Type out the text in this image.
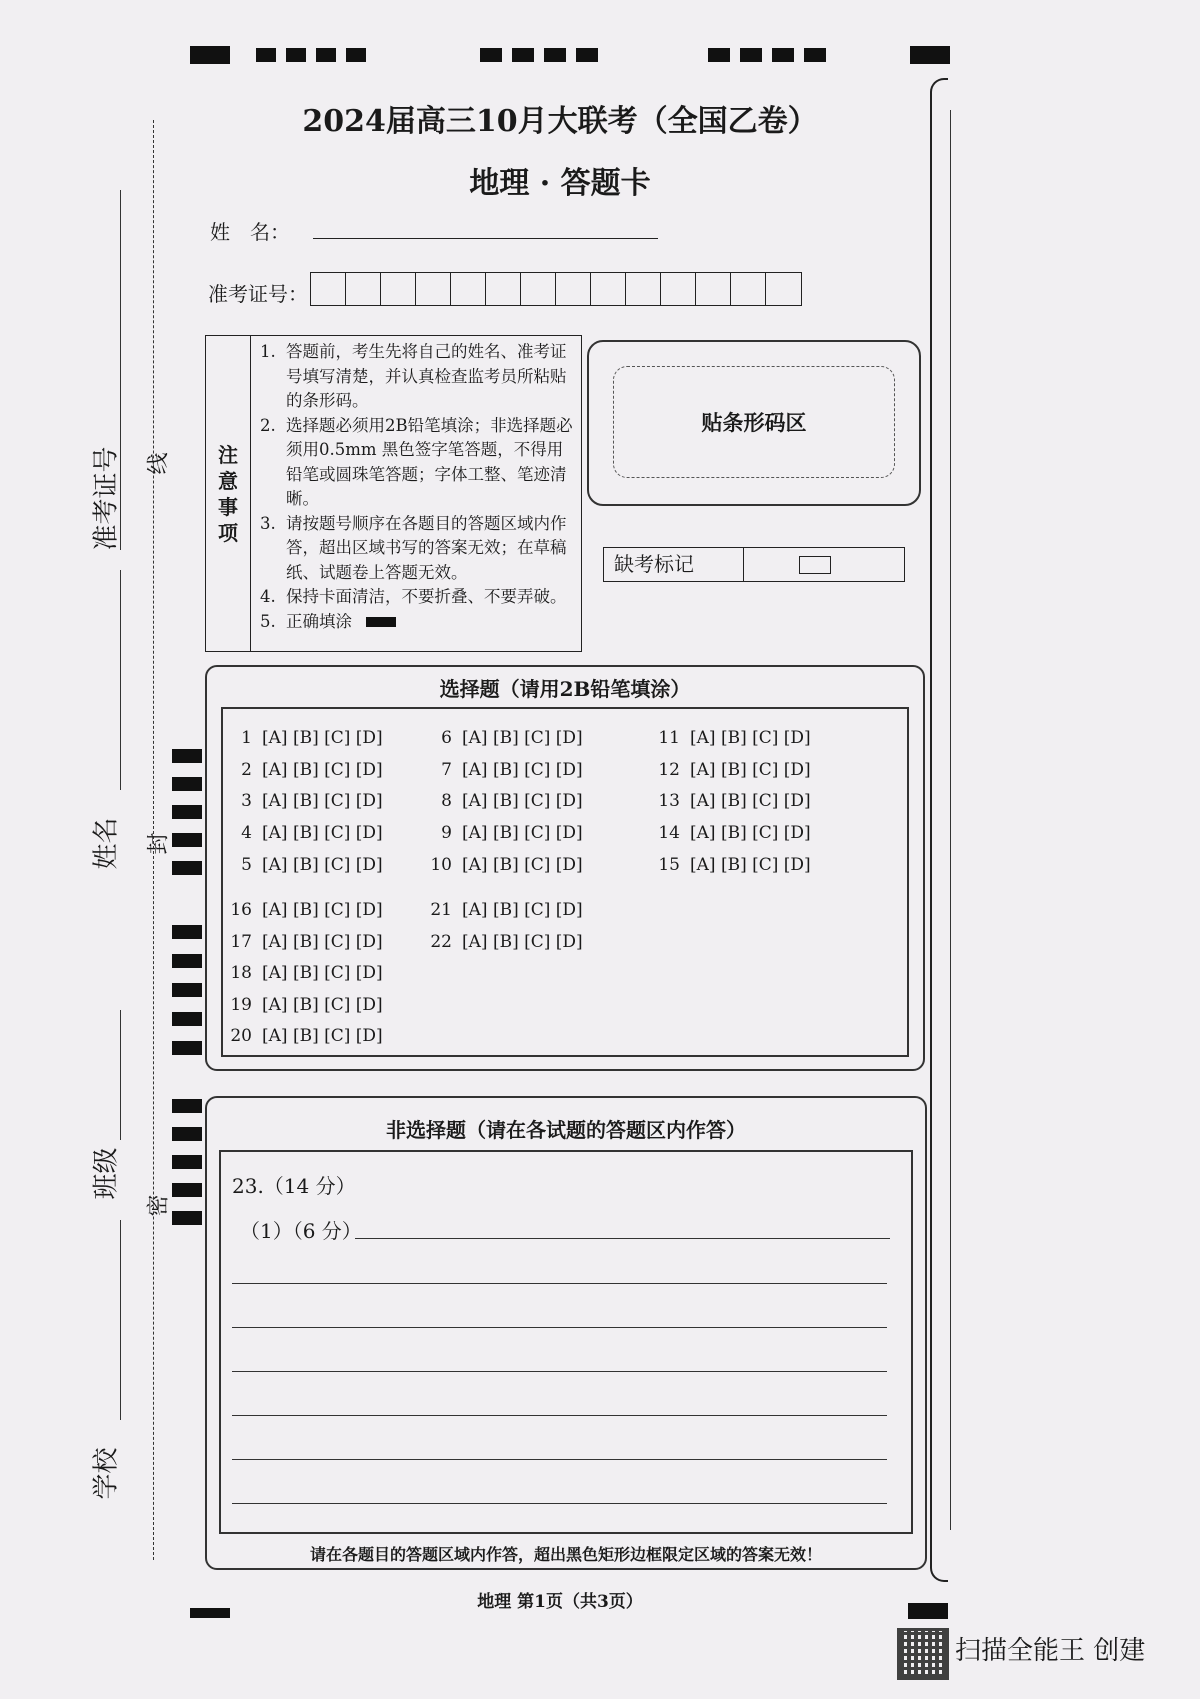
准考证号
姓名
班级
学校
线
封
密
2024届高三10月大联考（全国乙卷）
地理 · 答题卡
姓　名：
准考证号：
注
意
事
项
1. 答题前，考生先将自己的姓名、准考证号填写清楚，并认真检查监考员所粘贴的条形码。
2. 选择题必须用2B铅笔填涂；非选择题必须用0.5mm 黑色签字笔答题，不得用铅笔或圆珠笔答题；字体工整、笔迹清晰。
3. 请按题号顺序在各题目的答题区域内作答，超出区域书写的答案无效；在草稿纸、试题卷上答题无效。
4. 保持卡面清洁，不要折叠、不要弄破。
5. 正确填涂
贴条形码区
缺考标记
选择题（请用2B铅笔填涂）
1 [A] [B] [C] [D]
2 [A] [B] [C] [D]
3 [A] [B] [C] [D]
4 [A] [B] [C] [D]
5 [A] [B] [C] [D]
6 [A] [B] [C] [D]
7 [A] [B] [C] [D]
8 [A] [B] [C] [D]
9 [A] [B] [C] [D]
10 [A] [B] [C] [D]
11 [A] [B] [C] [D]
12 [A] [B] [C] [D]
13 [A] [B] [C] [D]
14 [A] [B] [C] [D]
15 [A] [B] [C] [D]
16 [A] [B] [C] [D]
17 [A] [B] [C] [D]
18 [A] [B] [C] [D]
19 [A] [B] [C] [D]
20 [A] [B] [C] [D]
21 [A] [B] [C] [D]
22 [A] [B] [C] [D]
非选择题（请在各试题的答题区内作答）
请在各题目的答题区域内作答，超出黑色矩形边框限定区域的答案无效！
23.（14 分）
（1）（6 分）
地理 第1页（共3页）
扫描全能王 创建
